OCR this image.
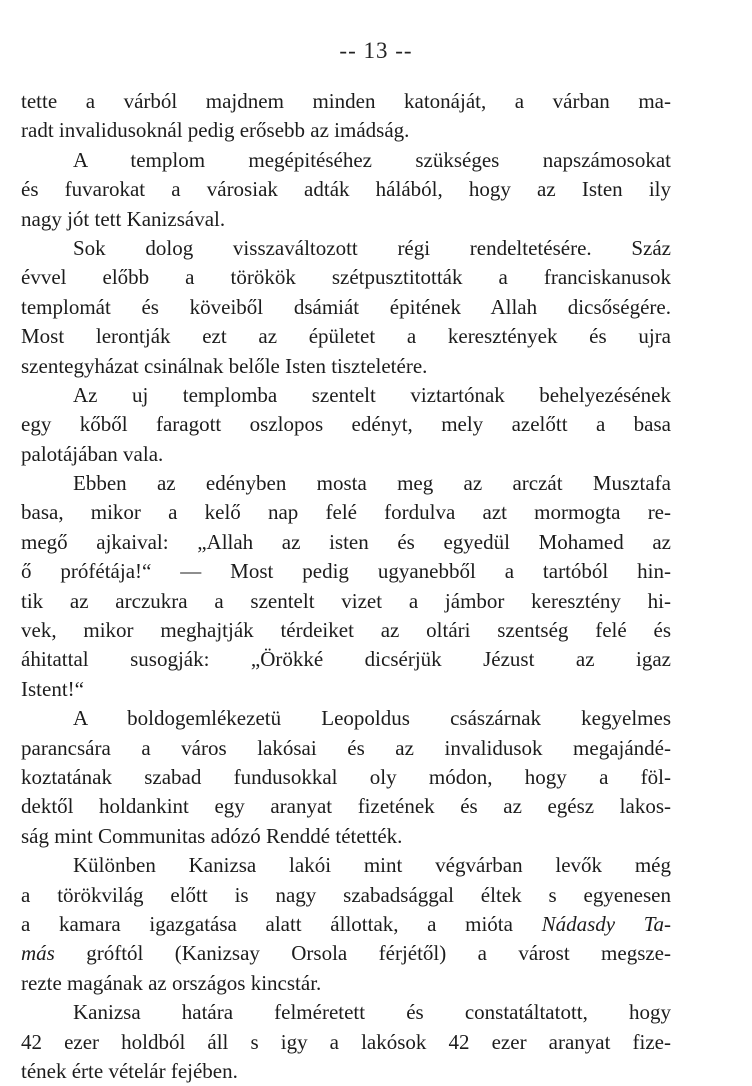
-- 13 --
tette a várból majdnem minden katonáját, a várban ma-
radt invalidusoknál pedig erősebb az imádság.
A templom megépitéséhez szükséges napszámosokat
és fuvarokat a városiak adták hálából, hogy az Isten ily
nagy jót tett Kanizsával.
Sok dolog visszaváltozott régi rendeltetésére. Száz
évvel előbb a törökök szétpusztitották a franciskanusok
templomát és köveiből dsámiát épitének Allah dicsőségére.
Most lerontják ezt az épületet a keresztények és ujra
szentegyházat csinálnak belőle Isten tiszteletére.
Az uj templomba szentelt viztartónak behelyezésének
egy kőből faragott oszlopos edényt, mely azelőtt a basa
palotájában vala.
Ebben az edényben mosta meg az arczát Musztafa
basa, mikor a kelő nap felé fordulva azt mormogta re-
megő ajkaival: „Allah az isten és egyedül Mohamed az
ő prófétája!“ — Most pedig ugyanebből a tartóból hin-
tik az arczukra a szentelt vizet a jámbor keresztény hi-
vek, mikor meghajtják térdeiket az oltári szentség felé és
áhitattal susogják: „Örökké dicsérjük Jézust az igaz
Istent!“
A boldogemlékezetü Leopoldus császárnak kegyelmes
parancsára a város lakósai és az invalidusok megajándé-
koztatának szabad fundusokkal oly módon, hogy a föl-
dektől holdankint egy aranyat fizetének és az egész lakos-
ság mint Communitas adózó Renddé tétették.
Különben Kanizsa lakói mint végvárban levők még
a törökvilág előtt is nagy szabadsággal éltek s egyenesen
a kamara igazgatása alatt állottak, a mióta Nádasdy Ta-
más gróftól (Kanizsay Orsola férjétől) a várost megsze-
rezte magának az országos kincstár.
Kanizsa határa felméretett és constatáltatott, hogy
42 ezer holdból áll s igy a lakósok 42 ezer aranyat fize-
tének érte vételár fejében.
